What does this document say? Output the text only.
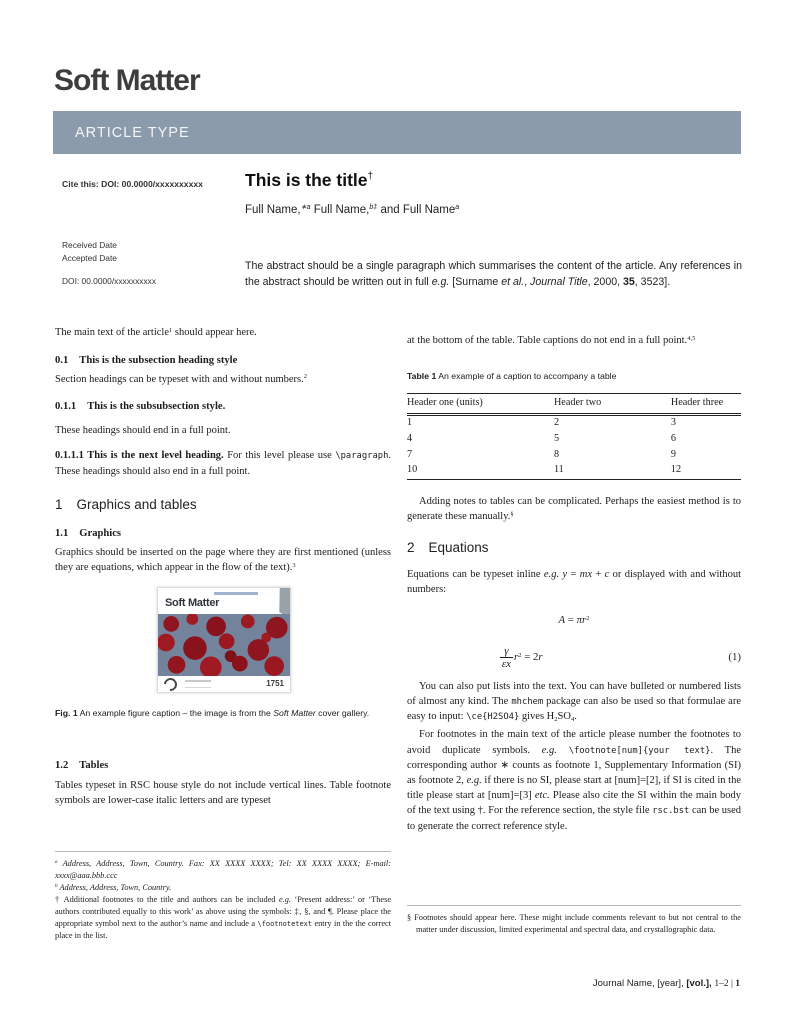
Soft Matter
ARTICLE TYPE
Cite this: DOI: 00.0000/xxxxxxxxxx
Received Date
Accepted Date
DOI: 00.0000/xxxxxxxxxx
This is the title†
Full Name,$^{∗a}$ Full Name,$^{b\ddagger}$ and Full Name$^a$
The abstract should be a single paragraph which summarises the content of the article. Any references in the abstract should be written out in full e.g. [Surname et al., Journal Title, 2000, 35, 3523].

The main text of the article$^1$ should appear here.

0.1 This is the subsection heading style

Section headings can be typeset with and without numbers.$^2$

0.1.1 This is the subsubsection style.

These headings should end in a full point.

0.1.1.1 This is the next level heading. For this level please use \paragraph. These headings should also end in a full point.

1 Graphics and tables
1.1 Graphics

Graphics should be inserted on the page where they are first mentioned (unless they are equations, which appear in the flow of the text).$^3$

Soft Matter
1751
Fig. 1 An example figure caption – the image is from the Soft Matter cover gallery.
1.2 Tables

Tables typeset in RSC house style do not include vertical lines. Table footnote symbols are lower-case italic letters and are typeset

at the bottom of the table. Table captions do not end in a full point.$^{4,5}$

Table 1 An example of a caption to accompany a table
Header one (units)	Header two	Header three
1	2	3
4	5	6
7	8	9
10	11	12

Adding notes to tables can be complicated. Perhaps the easiest method is to generate these manually.§

2 Equations

Equations can be typeset inline e.g. y = mx + c or displayed with and without numbers:

$A = \pi r^2$
$\frac{\gamma}{\varepsilon x} r^2 = 2r$	(1)

You can also put lists into the text. You can have bulleted or numbered lists of almost any kind. The mhchem package can also be used so that formulae are easy to input: \ce{H2SO4} gives H2SO4.

For footnotes in the main text of the article please number the footnotes to avoid duplicate symbols. e.g. \footnote[num]{your text}. The corresponding author ∗ counts as footnote 1, Supplementary Information (SI) as footnote 2, e.g. if there is no SI, please start at [num]=[2], if SI is cited in the title please start at [num]=[3] etc. Please also cite the SI within the main body of the text using †. For the reference section, the style file rsc.bst can be used to generate the correct reference style.

$^a$ Address, Address, Town, Country. Fax: XX XXXX XXXX; Tel: XX XXXX XXXX; E-mail: xxxx@aaa.bbb.ccc

$^b$ Address, Address, Town, Country.

† Additional footnotes to the title and authors can be included e.g. ‘Present address:’ or ‘These authors contributed equally to this work’ as above using the symbols: ‡, §, and ¶. Please place the appropriate symbol next to the author’s name and include a \footnotetext entry in the the correct place in the list.

§ Footnotes should appear here. These might include comments relevant to but not central to the matter under discussion, limited experimental and spectral data, and crystallographic data.

Journal Name, [year], [vol.], 1–2 | 1
